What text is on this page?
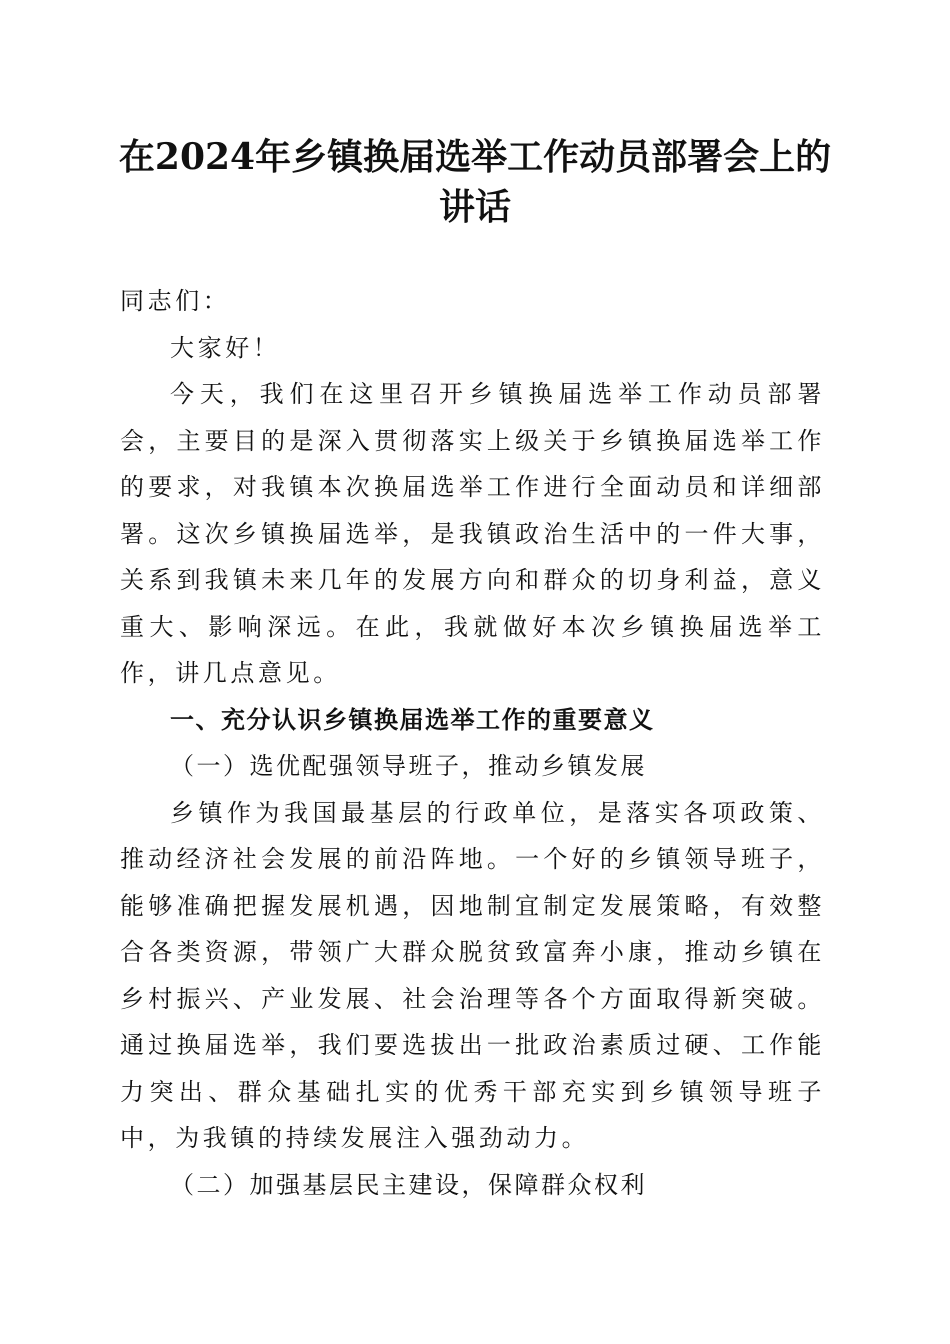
在2024年乡镇换届选举工作动员部署会上的
讲话

同志们：

大家好！

今天，我们在这里召开乡镇换届选举工作动员部署会，主要目的是深入贯彻落实上级关于乡镇换届选举工作的要求，对我镇本次换届选举工作进行全面动员和详细部署。这次乡镇换届选举，是我镇政治生活中的一件大事，关系到我镇未来几年的发展方向和群众的切身利益，意义重大、影响深远。在此，我就做好本次乡镇换届选举工作，讲几点意见。

一、充分认识乡镇换届选举工作的重要意义

（一）选优配强领导班子，推动乡镇发展

乡镇作为我国最基层的行政单位，是落实各项政策、推动经济社会发展的前沿阵地。一个好的乡镇领导班子，能够准确把握发展机遇，因地制宜制定发展策略，有效整合各类资源，带领广大群众脱贫致富奔小康，推动乡镇在乡村振兴、产业发展、社会治理等各个方面取得新突破。通过换届选举，我们要选拔出一批政治素质过硬、工作能力突出、群众基础扎实的优秀干部充实到乡镇领导班子中，为我镇的持续发展注入强劲动力。

（二）加强基层民主建设，保障群众权利
